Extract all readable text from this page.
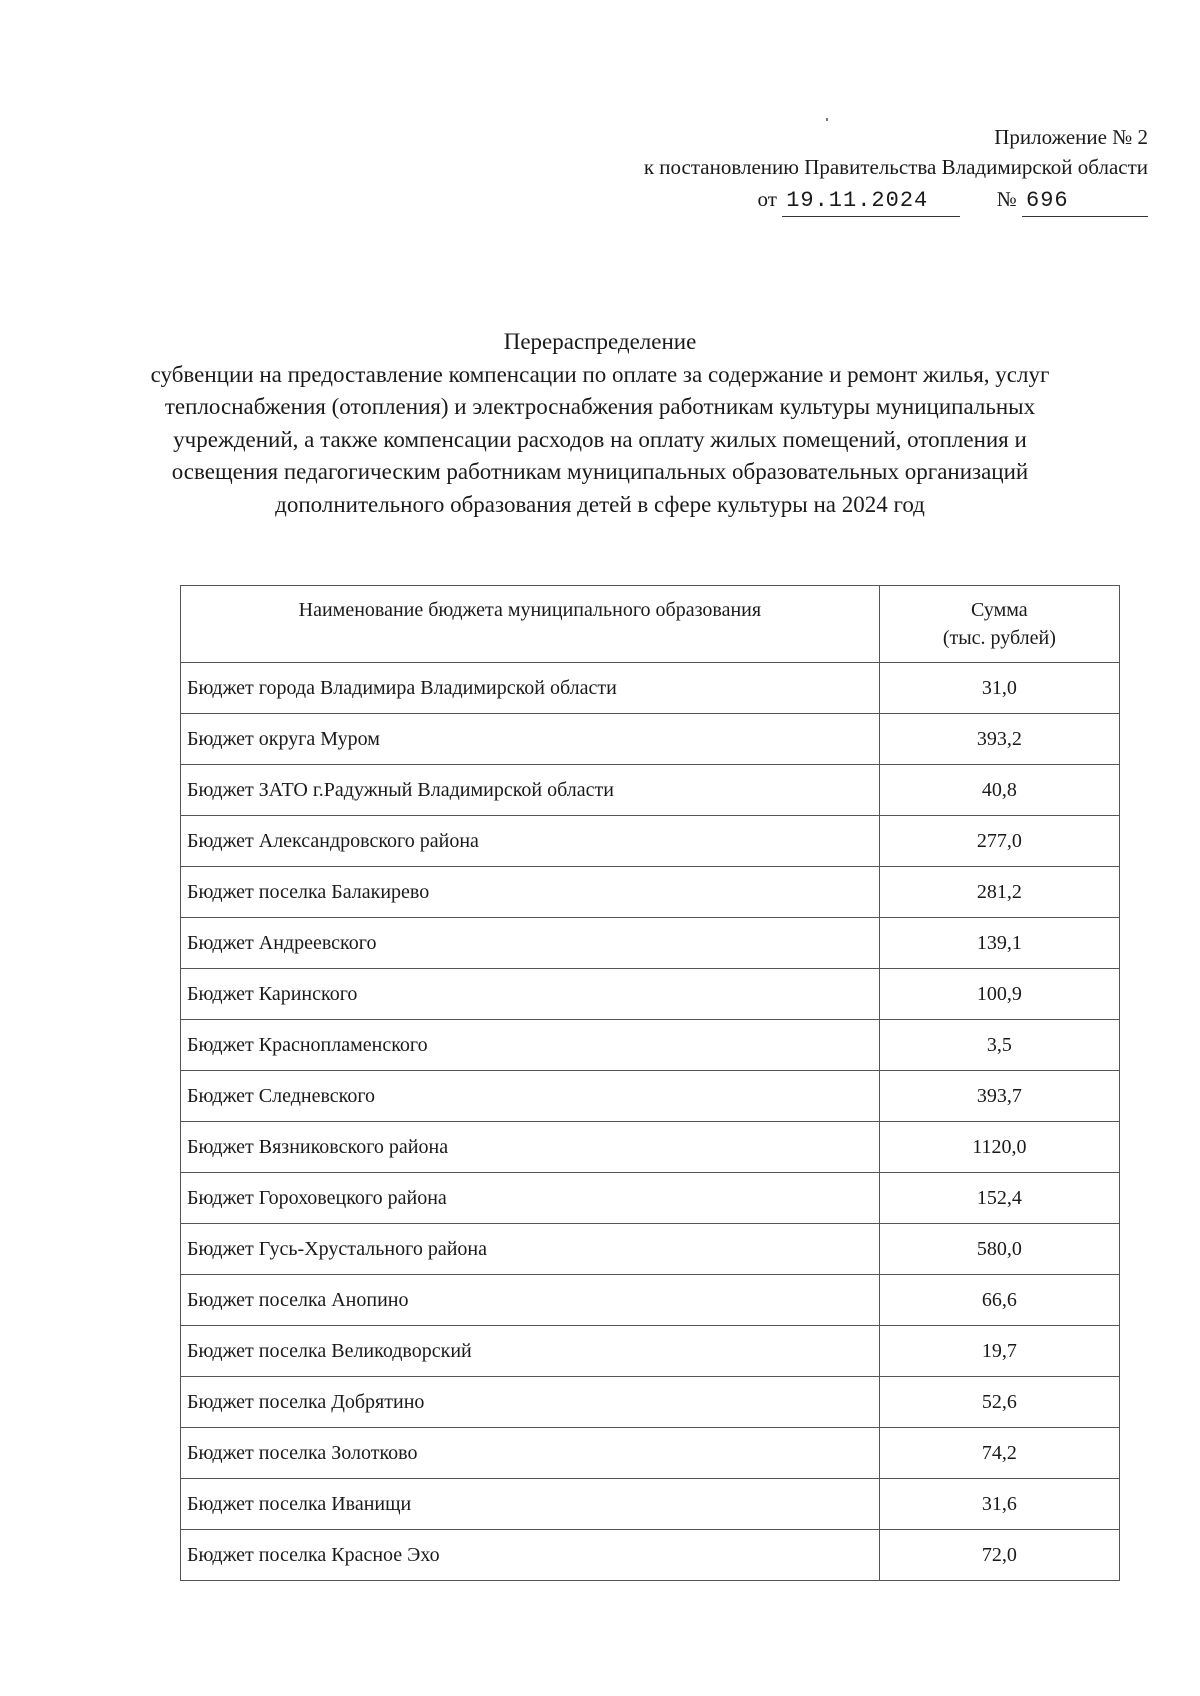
Приложение № 2
к постановлению Правительства Владимирской области
от 19.11.2024	№ 696
Перераспределение
субвенции на предоставление компенсации по оплате за содержание и ремонт жилья, услуг теплоснабжения (отопления) и электроснабжения работникам культуры муниципальных учреждений, а также компенсации расходов на оплату жилых помещений, отопления и освещения педагогическим работникам муниципальных образовательных организаций дополнительного образования детей в сфере культуры на 2024 год
Наименование бюджета муниципального образования	Сумма
(тыс. рублей)
Бюджет города Владимира Владимирской области	31,0
Бюджет округа Муром	393,2
Бюджет ЗАТО г.Радужный Владимирской области	40,8
Бюджет Александровского района	277,0
Бюджет поселка Балакирево	281,2
Бюджет Андреевского	139,1
Бюджет Каринского	100,9
Бюджет Краснопламенского	3,5
Бюджет Следневского	393,7
Бюджет Вязниковского района	1120,0
Бюджет Гороховецкого района	152,4
Бюджет Гусь-Хрустального района	580,0
Бюджет поселка Анопино	66,6
Бюджет поселка Великодворский	19,7
Бюджет поселка Добрятино	52,6
Бюджет поселка Золотково	74,2
Бюджет поселка Иванищи	31,6
Бюджет поселка Красное Эхо	72,0
